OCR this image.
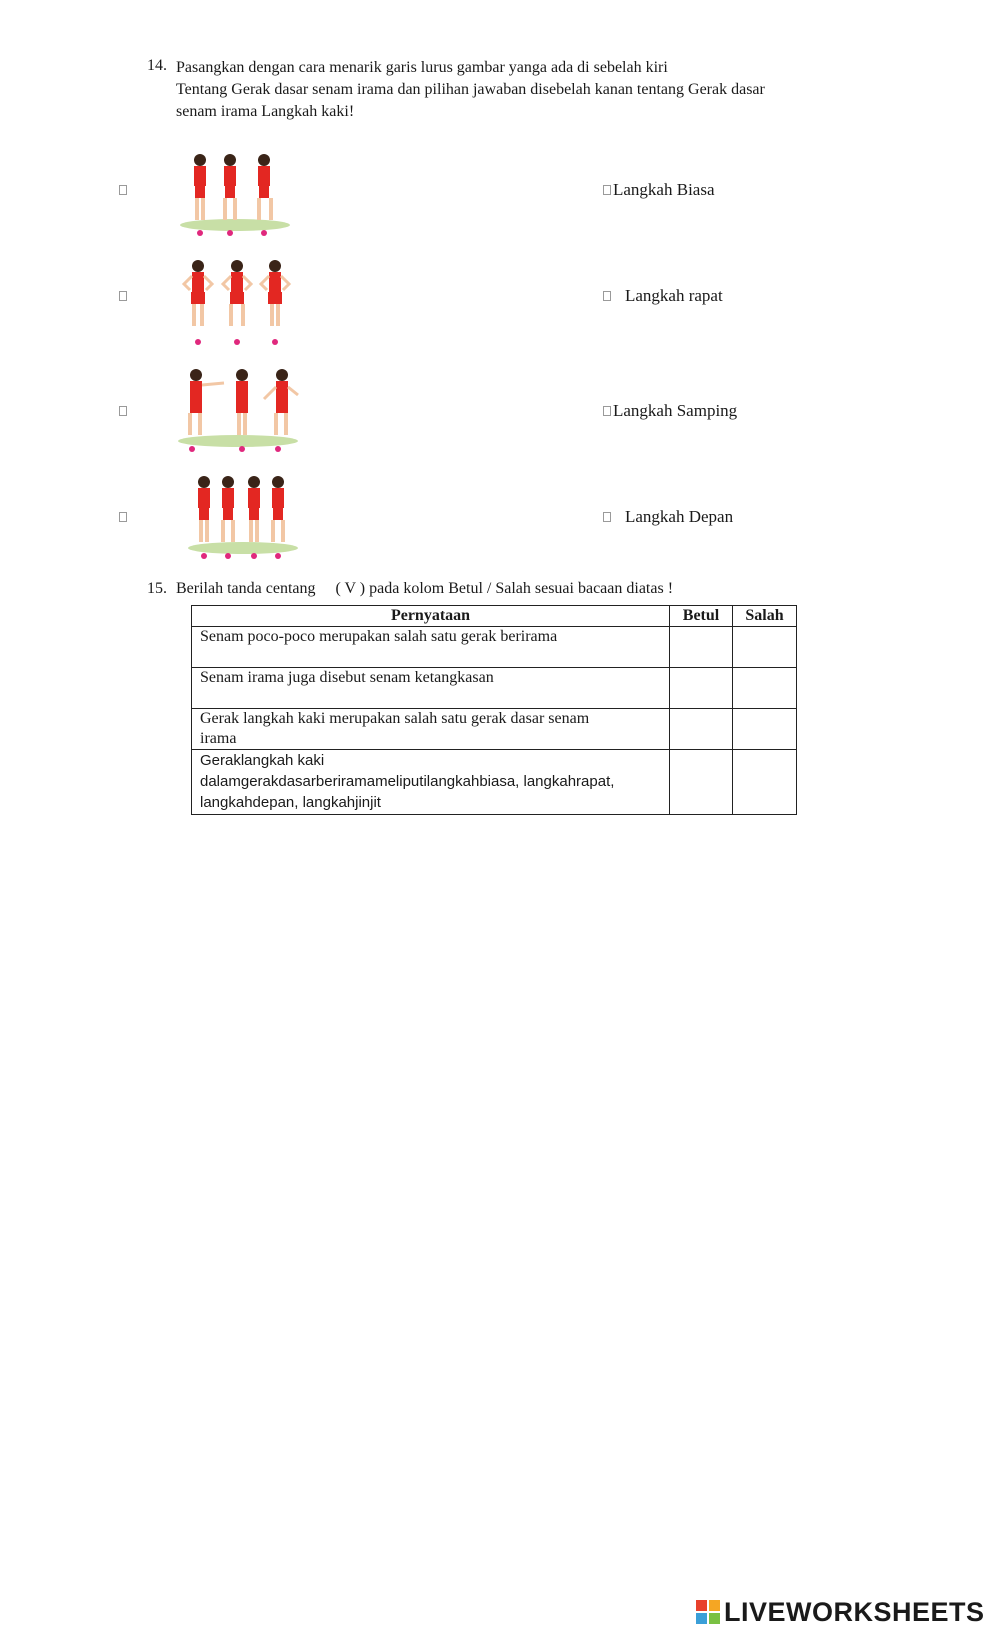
14. Pasangkan dengan cara menarik garis lurus gambar yanga ada di sebelah kiri
Tentang Gerak dasar senam irama dan pilihan jawaban disebelah kanan tentang Gerak dasar
senam irama Langkah kaki!
Langkah Biasa
Langkah rapat
Langkah Samping
Langkah Depan
15. Berilah tanda centang     ( V ) pada kolom Betul / Salah sesuai bacaan diatas !
Pernyataan	Betul	Salah
Senam poco-poco merupakan salah satu gerak berirama		
Senam irama juga disebut senam ketangkasan		

Gerak langkah kaki merupakan salah satu gerak dasar senam
irama		

Geraklangkah kaki
dalamgerakdasarberiramameliputilangkahbiasa, langkahrapat,
langkahdepan, langkahjinjit		

LIVEWORKSHEETS
